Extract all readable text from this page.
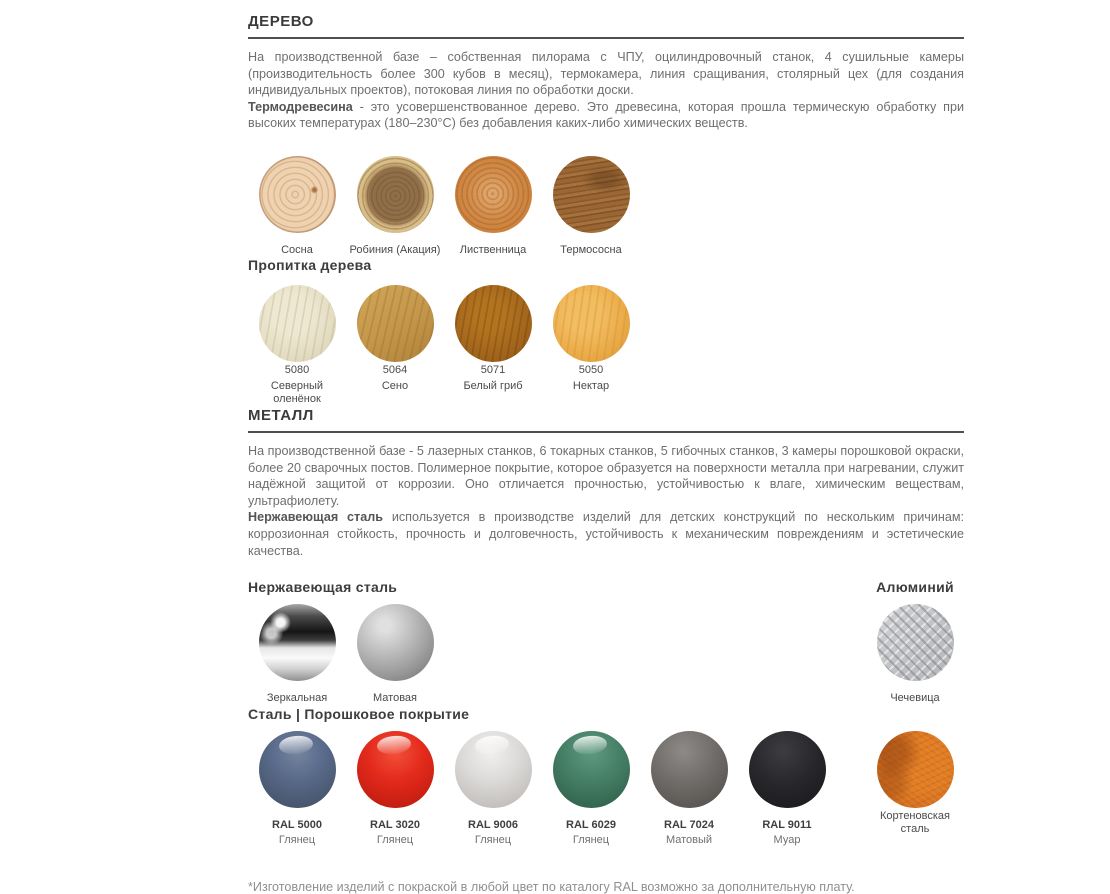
ДЕРЕВО

На производственной базе – собственная пилорама с ЧПУ, оцилиндровочный станок, 4 сушильные камеры (производительность более 300 кубов в месяц), термокамера, линия сращивания, столярный цех (для создания индивидуальных проектов), потоковая линия по обработки доски.

Термодревесина - это усовершенствованное дерево. Это древесина, которая прошла термическую обработку при высоких температурах (180–230°C) без добавления каких-либо химических веществ.

Сосна	Робиния (Акация)	Лиственница	Термососна
Пропитка дерева
5080
Северный оленёнок
5064
Сено
5071
Белый гриб
5050
Нектар
МЕТАЛЛ

На производственной базе - 5 лазерных станков, 6 токарных станков, 5 гибочных станков, 3 камеры порошковой окраски, более 20 сварочных постов. Полимерное покрытие, которое образуется на поверхности металла при нагревании, служит надёжной защитой от коррозии. Оно отличается прочностью, устойчивостью к влаге, химическим веществам, ультрафиолету.

Нержавеющая сталь используется в производстве изделий для детских конструкций по нескольким причинам: коррозионная стойкость, прочность и долговечность, устойчивость к механическим повреждениям и эстетические качества.

Нержавеющая сталь	Алюминий
Зеркальная	Матовая	Чечевица
Сталь | Порошковое покрытие
RAL 5000
Глянец
RAL 3020
Глянец
RAL 9006
Глянец
RAL 6029
Глянец
RAL 7024
Матовый
RAL 9011
Муар
Кортеновская сталь

*Изготовление изделий с покраской в любой цвет по каталогу RAL возможно за дополнительную плату.
